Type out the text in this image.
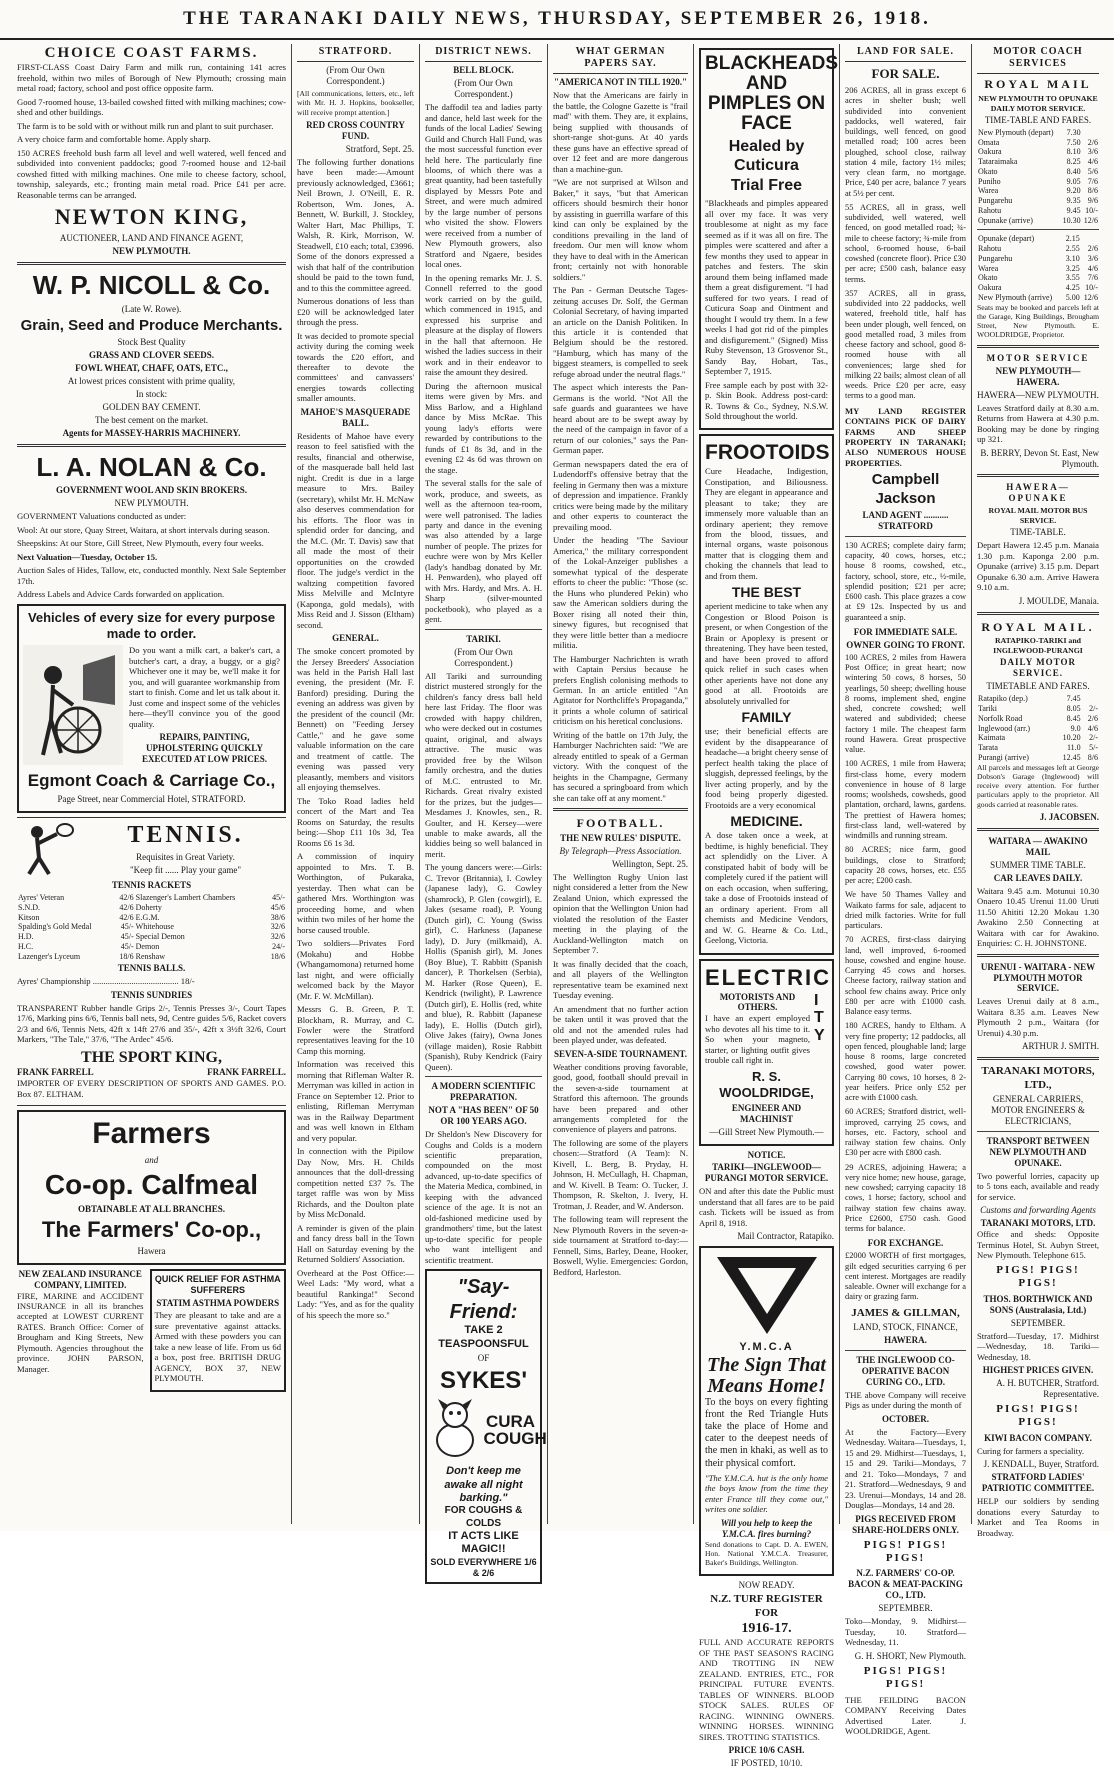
THE TARANAKI DAILY NEWS, THURSDAY, SEPTEMBER 26, 1918.
CHOICE COAST FARMS.

FIRST-CLASS Coast Dairy Farm and milk run, containing 141 acres freehold, within two miles of Borough of New Plymouth; crossing main metal road; factory, school and post office opposite farm.

Good 7-roomed house, 13-bailed cowshed fitted with milking machines; cow-shed and other buildings.

The farm is to be sold with or without milk run and plant to suit purchaser.

A very choice farm and comfortable home. Apply sharp.

150 ACRES freehold bush farm all level and well watered, well fenced and subdivided into convenient paddocks; good 7-roomed house and 12-bail cowshed fitted with milking machines. One mile to cheese factory, school, township, saleyards, etc.; fronting main metal road. Price £41 per acre. Reasonable terms can be arranged.

NEWTON KING,
AUCTIONEER, LAND AND FINANCE AGENT,
NEW PLYMOUTH.
W. P. NICOLL & Co.
(Late W. Rowe).
Grain, Seed and Produce Merchants.
Stock Best Quality
GRASS AND CLOVER SEEDS.
FOWL WHEAT, CHAFF, OATS, ETC.,
At lowest prices consistent with prime quality,
In stock:
GOLDEN BAY CEMENT.
The best cement on the market.
Agents for MASSEY-HARRIS MACHINERY.
L. A. NOLAN & Co.
GOVERNMENT WOOL AND SKIN BROKERS.
NEW PLYMOUTH.

GOVERNMENT Valuations conducted as under:

Wool: At our store, Quay Street, Waitara, at short intervals during season.

Sheepskins: At our Store, Gill Street, New Plymouth, every four weeks.

Next Valuation—Tuesday, October 15.

Auction Sales of Hides, Tallow, etc, conducted monthly. Next Sale September 17th.

Address Labels and Advice Cards forwarded on application.

Vehicles of every size for every purpose made to order.

Do you want a milk cart, a baker's cart, a butcher's cart, a dray, a buggy, or a gig? Whichever one it may be, we'll make it for you, and will guarantee workmanship from start to finish. Come and let us talk about it. Just come and inspect some of the vehicles here—they'll convince you of the good quality.

REPAIRS, PAINTING, UPHOLSTERING QUICKLY EXECUTED AT LOW PRICES.
Egmont Coach & Carriage Co.,
Page Street, near Commercial Hotel, STRATFORD.
TENNIS.
Requisites in Great Variety.
"Keep fit ...... Play your game"
TENNIS RACKETS
Ayres' Veteran	42/6	Slazenger's Lambert Chambers	45/-
S.N.D.	42/6	Doherty	45/6
Kitson	42/6	E.G.M.	38/6
Spalding's Gold Medal	45/-	Whitehouse	32/6
H.D.	45/-	Special Demon	32/6
H.C.	45/-	Demon	24/-
Lazenger's Lyceum	18/6	Renshaw	18/6
TENNIS BALLS.

Ayres' Championship ........................................ 18/-

TENNIS SUNDRIES

TRANSPARENT Rubber handle Grips 2/-, Tennis Presses 3/-, Court Tapes 17/6, Marking pins 6/6, Tennis ball nets, 9d, Centre guides 5/6, Racket covers 2/3 and 6/6, Tennis Nets, 42ft x 14ft 27/6 and 35/-, 42ft x 3½ft 32/6, Court Markers, "The Tale," 37/6, "The Ardec" 45/6.

THE SPORT KING,
FRANK FARRELL	FRANK FARRELL.

IMPORTER OF EVERY DESCRIPTION OF SPORTS AND GAMES. P.O. Box 87. ELTHAM.

Farmers
and
Co-op. Calfmeal
OBTAINABLE AT ALL BRANCHES.
The Farmers' Co-op.,
Hawera
NEW ZEALAND INSURANCE COMPANY, LIMITED.

FIRE, MARINE and ACCIDENT INSURANCE in all its branches accepted at LOWEST CURRENT RATES. Branch Office: Corner of Brougham and King Streets, New Plymouth. Agencies throughout the province. JOHN PARSON, Manager.

QUICK RELIEF FOR ASTHMA SUFFERERS
STATIM ASTHMA POWDERS

They are pleasant to take and are a sure preventative against attacks. Armed with these powders you can take a new lease of life. From us 6d a box, post free. BRITISH DRUG AGENCY, BOX 37, NEW PLYMOUTH.

STRATFORD.
(From Our Own Correspondent.)

[All communications, letters, etc., left with Mr. H. J. Hopkins, bookseller, will receive prompt attention.]

RED CROSS COUNTRY FUND.
Stratford, Sept. 25.

The following further donations have been made:—Amount previously acknowledged, £3661; Neil Brown, J. O'Neill, E. R. Robertson, Wm. Jones, A. Bennett, W. Burkill, J. Stockley, Walter Hart, Mac Phillips, T. Walsh, R. Kirk, Morrison, W. Steadwell, £10 each; total, £3996. Some of the donors expressed a wish that half of the contribution should be paid to the town fund, and to this the committee agreed.

Numerous donations of less than £20 will be acknowledged later through the press.

It was decided to promote special activity during the coming week towards the £20 effort, and thereafter to devote the committees' and canvassers' energies towards collecting smaller amounts.

MAHOE'S MASQUERADE BALL.

Residents of Mahoe have every reason to feel satisfied with the results, financial and otherwise, of the masquerade ball held last night. Credit is due in a large measure to Mrs. Bailey (secretary), whilst Mr. H. McNaw also deserves commendation for his efforts. The floor was in splendid order for dancing, and the M.C. (Mr. T. Davis) saw that all made the most of their opportunities on the crowded floor. The judge's verdict in the waltzing competition favored Miss Melville and McIntyre (Kaponga, gold medals), with Miss Reid and J. Sisson (Eltham) second.

GENERAL.

The smoke concert promoted by the Jersey Breeders' Association was held in the Parish Hall last evening, the president (Mr. F. Banford) presiding. During the evening an address was given by the president of the council (Mr. Bennett) on "Feeding Jersey Cattle," and he gave some valuable information on the care and treatment of cattle. The evening was passed very pleasantly, members and visitors all enjoying themselves.

The Toko Road ladies held concert of the Mart and Tea Rooms on Saturday, the results being:—Shop £11 10s 3d, Tea Rooms £6 1s 3d.

A commission of inquiry appointed to Mrs. T. B. Worthington, of Pukaraka, yesterday. Then what can be gathered Mrs. Worthington was proceeding home, and when within two miles of her home the horse caused trouble.

Two soldiers—Privates Ford (Mokahu) and Hobbe (Whangamomona) returned home last night, and were officially welcomed back by the Mayor (Mr. F. W. McMillan).

Messrs G. B. Green, P. T. Blockham, R. Murray, and C. Fowler were the Stratford representatives leaving for the 10 Camp this morning.

Information was received this morning that Rifleman Walter R. Merryman was killed in action in France on September 12. Prior to enlisting, Rifleman Merryman was in the Railway Department and was well known in Eltham and very popular.

In connection with the Pipilow Day Now, Mrs. H. Childs announces that the doll-dressing competition netted £37 7s. The target raffle was won by Miss Richards, and the Doulton plate by Miss McDonald.

A reminder is given of the plain and fancy dress ball in the Town Hall on Saturday evening by the Returned Soldiers' Association.

Overheard at the Post Office:—Weel Lads: "My word, what a beautiful Rankinga!" Second Lady: "Yes, and as for the quality of his speech the more so."

DISTRICT NEWS.
BELL BLOCK.
(From Our Own Correspondent.)

The daffodil tea and ladies party and dance, held last week for the funds of the local Ladies' Sewing Guild and Church Hall Fund, was the most successful function ever held here. The particularly fine blooms, of which there was a great quantity, had been tastefully displayed by Messrs Pote and Street, and were much admired by the large number of persons who visited the show. Flowers were received from a number of New Plymouth growers, also Stratford and Ngaere, besides local ones.

In the opening remarks Mr. J. S. Connell referred to the good work carried on by the guild, which commenced in 1915, and expressed his surprise and pleasure at the display of flowers in the hall that afternoon. He wished the ladies success in their work and in their endeavor to raise the amount they desired.

During the afternoon musical items were given by Mrs. and Miss Barlow, and a Highland dance by Miss McRae. This young lady's efforts were rewarded by contributions to the funds of £1 8s 3d, and in the evening £2 4s 6d was thrown on the stage.

The several stalls for the sale of work, produce, and sweets, as well as the afternoon tea-room, were well patronised. The ladies party and dance in the evening was also attended by a large number of people. The prizes for euchre were won by Mrs Keller (lady's handbag donated by Mr. H. Penwarden), who played off with Mrs. Hardy, and Mrs. A. H. Sharp (silver-mounted pocketbook), who played as a gent.

TARIKI.
(From Our Own Correspondent.)

All Tariki and surrounding district mustered strongly for the children's fancy dress ball held here last Friday. The floor was crowded with happy children, who were decked out in costumes quaint, original, and always attractive. The music was provided free by the Wilson family orchestra, and the duties of M.C. entrusted to Mr. Richards. Great rivalry existed for the prizes, but the judges—Mesdames J. Knowles, sen., R. Goulter, and H. Kersey—were unable to make awards, all the kiddies being so well balanced in merit.

The young dancers were:—Girls: C. Trevor (Britannia), I. Cowley (Japanese lady), G. Cowley (shamrock), P. Glen (cowgirl), E. Jakes (sesame road), P. Young (Dutch girl), C. Young (Swiss girl), C. Harkness (Japanese lady), D. Jury (milkmaid), A. Hollis (Spanish girl), M. Jones (Boy Blue), T. Rabbitt (Spanish dancer), P. Thorkelsen (Serbia), M. Harker (Rose Queen), E. Kendrick (twilight), P. Lawrence (Dutch girl), E. Hollis (red, white and blue), R. Rabbitt (Japanese lady), E. Hollis (Dutch girl), Olive Jakes (fairy), Owna Jones (village maiden), Rosie Rabbitt (Spanish), Ruby Kendrick (Fairy Queen).

A MODERN SCIENTIFIC PREPARATION.
NOT A "HAS BEEN" OF 50 OR 100 YEARS AGO.

Dr Sheldon's New Discovery for Coughs and Colds is a modern scientific preparation, compounded on the most advanced, up-to-date specifics of the Materia Medica, combined, in keeping with the advanced science of the age. It is not an old-fashioned medicine used by grandmothers' time, but the latest up-to-date specific for people who want intelligent and scientific treatment.

"Say-Friend:
TAKE 2 TEASPOONSFUL
OF
SYKES'
CURA COUGH
Don't keep me awake all night barking."
FOR COUGHS & COLDS
IT ACTS LIKE MAGIC!!
SOLD EVERYWHERE 1/6 & 2/6
WHAT GERMAN PAPERS SAY.
"AMERICA NOT IN TILL 1920."

Now that the Americans are fairly in the battle, the Cologne Gazette is "frail mad" with them. They are, it explains, being supplied with thousands of short-range shot-guns. At 40 yards these guns have an effective spread of over 12 feet and are more dangerous than a machine-gun.

"We are not surprised at Wilson and Baker," it says, "but that American officers should besmirch their honor by assisting in guerrilla warfare of this kind can only be explained by the conditions prevailing in the land of freedom. Our men will know whom they have to deal with in the American front; certainly not with honorable soldiers."

The Pan - German Deutsche Tages-zeitung accuses Dr. Solf, the German Colonial Secretary, of having imparted an article on the Danish Politiken. In this article it is contended that Belgium should be the restored. "Hamburg, which has many of the biggest steamers, is compelled to seek refuge abroad under the neutral flags."

The aspect which interests the Pan-Germans is the world. "Not All the safe guards and guarantees we have heard about are to be swept away by the need of the campaign in favor of a return of our colonies," says the Pan-German paper.

German newspapers dated the era of Ludendorff's offensive betray that the feeling in Germany then was a mixture of depression and impatience. Frankly critics were being made by the military and other experts to counteract the prevailing mood.

Under the heading "The Saviour America," the military correspondent of the Lokal-Anzeiger publishes a somewhat typical of the desperate efforts to cheer the public: "Those (sc. the Huns who plundered Pekin) who saw the American soldiers during the Boxer rising all noted their thin, sinewy figures, but recognised that they were little better than a mediocre militia.

The Hamburger Nachrichten is wrath with Captain Persius because he prefers English colonising methods to German. In an article entitled "An Agitator for Northcliffe's Propaganda," it prints a whole column of satirical criticism on his heretical conclusions.

Writing of the battle on 17th July, the Hamburger Nachrichten said: "We are already entitled to speak of a German victory. With the conquest of the heights in the Champagne, Germany has secured a springboard from which she can take off at any moment."

FOOTBALL.
THE NEW RULES' DISPUTE.
By Telegraph—Press Association.
Wellington, Sept. 25.

The Wellington Rugby Union last night considered a letter from the New Zealand Union, which expressed the opinion that the Wellington Union had violated the resolution of the Easter meeting in the playing of the Auckland-Wellington match on September 7.

It was finally decided that the coach, and all players of the Wellington representative team be examined next Tuesday evening.

An amendment that no further action be taken until it was proved that the old and not the amended rules had been played under, was defeated.

SEVEN-A-SIDE TOURNAMENT.

Weather conditions proving favorable, good, good, football should prevail in the seven-a-side tournament at Stratford this afternoon. The grounds have been prepared and other arrangements completed for the convenience of players and patrons.

The following are some of the players chosen:—Stratford (A Team): N. Kivell, L. Berg, B. Pryday, H. Johnson, H. McCullagh, H. Chapman, and W. Kivell. B Team: O. Tucker, J. Thompson, R. Skelton, J. Ivery, H. Trotman, J. Reader, and W. Anderson.

The following team will represent the New Plymouth Rovers in the seven-a-side tournament at Stratford to-day:—Fennell, Sims, Barley, Deane, Hooker, Boswell, Wylie. Emergencies: Gordon, Bedford, Harleston.

BLACKHEADS AND
PIMPLES ON FACE
Healed by Cuticura
Trial Free

"Blackheads and pimples appeared all over my face. It was very troublesome at night as my face seemed as if it was all on fire. The pimples were scattered and after a few months they used to appear in patches and festers. The skin around them being inflamed made them a great disfigurement. "I had suffered for two years. I read of Cuticura Soap and Ointment and thought I would try them. In a few weeks I had got rid of the pimples and disfigurement." (Signed) Miss Ruby Stevenson, 13 Grosvenor St., Sandy Bay, Hobart, Tas., September 7, 1915.

Free sample each by post with 32-p. Skin Book. Address post-card: R. Towns & Co., Sydney, N.S.W. Sold throughout the world.

FROOTOIDS

Cure Headache, Indigestion, Constipation, and Biliousness. They are elegant in appearance and pleasant to take; they are immensely more valuable than an ordinary aperient; they remove from the blood, tissues, and internal organs, waste poisonous matter that is clogging them and choking the channels that lead to and from them.

THE BEST

aperient medicine to take when any Congestion or Blood Poison is present, or when Congestion of the Brain or Apoplexy is present or threatening. They have been tested, and have been proved to afford quick relief in such cases when other aperients have not done any good at all. Frootoids are absolutely unrivalled for

FAMILY

use; their beneficial effects are evident by the disappearance of headache—a bright cheery sense of perfect health taking the place of sluggish, depressed feelings, by the liver acting properly, and by the food being properly digested. Frootoids are a very economical

MEDICINE.

A dose taken once a week, at bedtime, is highly beneficial. They act splendidly on the Liver. A constipated habit of body will be completely cured if the patient will on each occasion, when suffering, take a dose of Frootoids instead of an ordinary aperient. From all chemists and Medicine Vendors, and W. G. Hearne & Co. Ltd., Geelong, Victoria.

ELECTRIC
MOTORISTS AND OTHERS.

I have an expert employed who devotes all his time to it. So when your magneto, starter, or lighting outfit gives trouble call right in.

ITY
R. S. WOOLDRIDGE,
ENGINEER AND MACHINIST
—Gill Street New Plymouth.—
NOTICE.
TARIKI—INGLEWOOD—PURANGI MOTOR SERVICE.

ON and after this date the Public must understand that all fares are to be paid cash. Tickets will be issued as from April 8, 1918.

Mail Contractor, Ratapiko.
Y.M.C.A
The Sign That
Means Home!

To the boys on every fighting front the Red Triangle Huts take the place of Home and cater to the deepest needs of the men in khaki, as well as to their physical comfort.

"The Y.M.C.A. hut is the only home the boys know from the time they enter France till they come out," writes one soldier.

Will you help to keep the Y.M.C.A. fires burning?

Send donations to Capt. D. A. EWEN, Hon. National Y.M.C.A. Treasurer, Baker's Buildings, Wellington.

NOW READY.
N.Z. TURF REGISTER FOR
1916-17.

FULL AND ACCURATE REPORTS OF THE PAST SEASON'S RACING AND TROTTING IN NEW ZEALAND. ENTRIES, ETC., FOR PRINCIPAL FUTURE EVENTS. TABLES OF WINNERS. BLOOD STOCK SALES. RULES OF RACING. WINNING OWNERS. WINNING HORSES. WINNING SIRES. TROTTING STATISTICS.

PRICE 10/6 CASH.
IF POSTED, 10/10.
LAND FOR SALE.
FOR SALE.
206 ACRES, all in grass except 6 acres in shelter bush; well subdivided into convenient paddocks, well watered, fair buildings, well fenced, on good metalled road; 100 acres been ploughed, school close, railway station 4 mile, factory 1½ miles; very clean farm, no mortgage. Price, £40 per acre, balance 7 years at 5½ per cent.
55 ACRES, all in grass, well subdivided, well watered, well fenced, on good metalled road; ¾-mile to cheese factory; ¾-mile from school, 6-roomed house, 6-bail cowshed (concrete floor). Price £30 per acre; £500 cash, balance easy terms.
357 ACRES, all in grass, subdivided into 22 paddocks, well watered, freehold title, half has been under plough, well fenced, on good metalled road, 3 miles from cheese factory and school, good 8-roomed house with all conveniences; large shed for milking 22 bails; almost clean of all weeds. Price £20 per acre, easy terms to a good man.

MY LAND REGISTER CONTAINS PICK OF DAIRY FARMS AND SHEEP PROPERTY IN TARANAKI; ALSO NUMEROUS HOUSE PROPERTIES.

Campbell Jackson
LAND AGENT ........... STRATFORD
130 ACRES; complete dairy farm; capacity, 40 cows, horses, etc.; house 8 rooms, cowshed, etc., factory, school, store, etc., ½-mile, splendid position; £21 per acre; £600 cash. This place grazes a cow at £9 12s. Inspected by us and guaranteed a snip.
FOR IMMEDIATE SALE.
OWNER GOING TO FRONT.
100 ACRES, 2 miles from Hawera Post Office; in great heart; now wintering 50 cows, 8 horses, 50 yearlings, 50 sheep; dwelling house 8 rooms, implement shed, engine shed, concrete cowshed; well watered and subdivided; cheese factory 1 mile. The cheapest farm round Hawera. Great prospective value.
100 ACRES, 1 mile from Hawera; first-class home, every modern convenience in house of 8 large rooms; woolsheds, cowsheds, good plantation, orchard, lawns, gardens. The prettiest of Hawera homes; first-class land, well-watered by windmills and running stream.
80 ACRES; nice farm, good buildings, close to Stratford; capacity 28 cows, horses, etc. £55 per acre; £200 cash.
We have 50 Thames Valley and Waikato farms for sale, adjacent to dried milk factories. Write for full particulars.
70 ACRES, first-class dairying land, well improved, 6-roomed house, cowshed and engine house. Carrying 45 cows and horses. Cheese factory, railway station and school few chains away. Price only £80 per acre with £1000 cash. Balance easy terms.
180 ACRES, handy to Eltham. A very fine property; 12 paddocks, all open fenced, ploughable land; large house 8 rooms, large concreted cowshed, good water power. Carrying 80 cows, 10 horses, 8 2-year heifers. Price only £52 per acre with £1000 cash.
60 ACRES; Stratford district, well-improved, carrying 25 cows, and horses, etc. Factory, school and railway station few chains. Only £30 per acre with £800 cash.
29 ACRES, adjoining Hawera; a very nice home; new house, garage, new cowshed; carrying capacity 18 cows, 1 horse; factory, school and railway station few chains away. Price £2600, £750 cash. Good terms for balance.
FOR EXCHANGE.
£2000 WORTH of first mortgages, gilt edged securities carrying 6 per cent interest. Mortgages are readily saleable. Owner will exchange for a dairy or grazing farm.
JAMES & GILLMAN,
LAND, STOCK, FINANCE,
HAWERA.
THE INGLEWOOD CO-OPERATIVE BACON CURING CO., LTD.

THE above Company will receive Pigs as under during the month of

OCTOBER.

At the Factory—Every Wednesday. Waitara—Tuesdays, 1, 15 and 29. Midhirst—Tuesdays, 1, 15 and 29. Tariki—Mondays, 7 and 21. Toko—Mondays, 7 and 21. Stratford—Wednesdays, 9 and 23. Urenui—Mondays, 14 and 28. Douglas—Mondays, 14 and 28.

PIGS RECEIVED FROM SHARE-HOLDERS ONLY.
PIGS! PIGS! PIGS!
N.Z. FARMERS' CO-OP. BACON & MEAT-PACKING CO., LTD.
SEPTEMBER.

Toko—Monday, 9. Midhirst—Tuesday, 10. Stratford—Wednesday, 11.

G. H. SHORT, New Plymouth.
PIGS! PIGS! PIGS!

THE FEILDING BACON COMPANY Receiving Dates Advertised Later. J. WOOLDRIDGE, Agent.

MOTOR COACH SERVICES
ROYAL MAIL
NEW PLYMOUTH TO OPUNAKE DAILY MOTOR SERVICE.
TIME-TABLE AND FARES.
New Plymouth (depart)	7.30	
Omata	7.50	2/6
Oakura	8.10	3/6
Tataraimaka	8.25	4/6
Okato	8.40	5/6
Puniho	9.05	7/6
Warea	9.20	8/6
Pungarehu	9.35	9/6
Rahotu	9.45	10/-
Opunake (arrive)	10.30	12/6
Opunake (depart)	2.15	
Rahotu	2.55	2/6
Pungarehu	3.10	3/6
Warea	3.25	4/6
Okato	3.55	7/6
Oakura	4.25	10/-
New Plymouth (arrive)	5.00	12/6

Seats may be booked and parcels left at the Garage, King Buildings, Brougham Street, New Plymouth. E. WOOLDRIDGE, Proprietor.

MOTOR SERVICE
NEW PLYMOUTH—HAWERA.
HAWERA—NEW PLYMOUTH.

Leaves Stratford daily at 8.30 a.m. Returns from Hawera at 4.30 p.m. Booking may be done by ringing up 321.

B. BERRY, Devon St. East, New Plymouth.
HAWERA—OPUNAKE
ROYAL MAIL MOTOR BUS SERVICE.
TIME-TABLE.

Depart Hawera 12.45 p.m. Manaia 1.30 p.m. Kaponga 2.00 p.m. Opunake (arrive) 3.15 p.m. Depart Opunake 6.30 a.m. Arrive Hawera 9.10 a.m.

J. MOULDE, Manaia.
ROYAL MAIL.
RATAPIKO-TARIKI and INGLEWOOD-PURANGI
DAILY MOTOR SERVICE.
TIMETABLE AND FARES.
Ratapiko (dep.)	7.45	
Tariki	8.05	2/-
Norfolk Road	8.45	2/6
Inglewood (arr.)	9.0	4/6
Kaimata	10.20	2/-
Tarata	11.0	5/-
Purangi (arrive)	12.45	8/6

All parcels and messages left at George Dobson's Garage (Inglewood) will receive every attention. For further particulars apply to the proprietor. All goods carried at reasonable rates.

J. JACOBSEN.
WAITARA — AWAKINO MAIL
SUMMER TIME TABLE.
CAR LEAVES DAILY.

Waitara 9.45 a.m. Motunui 10.30 Onaero 10.45 Urenui 11.00 Uruti 11.50 Ahititi 12.20 Mokau 1.30 Awakino 2.50 Connecting at Waitara with car for Awakino. Enquiries: C. H. JOHNSTONE.

URENUI - WAITARA - NEW PLYMOUTH MOTOR SERVICE.

Leaves Urenui daily at 8 a.m., Waitara 8.35 a.m. Leaves New Plymouth 2 p.m., Waitara (for Urenui) 4.30 p.m.

ARTHUR J. SMITH.
TARANAKI MOTORS, LTD.,
GENERAL CARRIERS, MOTOR ENGINEERS & ELECTRICIANS,
TRANSPORT BETWEEN NEW PLYMOUTH AND OPUNAKE.

Two powerful lorries, capacity up to 5 tons each, available and ready for service.

Customs and forwarding Agents
TARANAKI MOTORS, LTD.

Office and sheds: Opposite Terminus Hotel, St. Aubyn Street, New Plymouth. Telephone 615.

PIGS! PIGS! PIGS!
THOS. BORTHWICK AND SONS (Australasia, Ltd.)
SEPTEMBER.

Stratford—Tuesday, 17. Midhirst—Wednesday, 18. Tariki—Wednesday, 18.

HIGHEST PRICES GIVEN.
A. H. BUTCHER, Stratford. Representative.
PIGS! PIGS! PIGS!
KIWI BACON COMPANY.

Curing for farmers a speciality.

J. KENDALL, Buyer, Stratford.
STRATFORD LADIES' PATRIOTIC COMMITTEE.

HELP our soldiers by sending donations every Saturday to Market and Tea Rooms in Broadway.
